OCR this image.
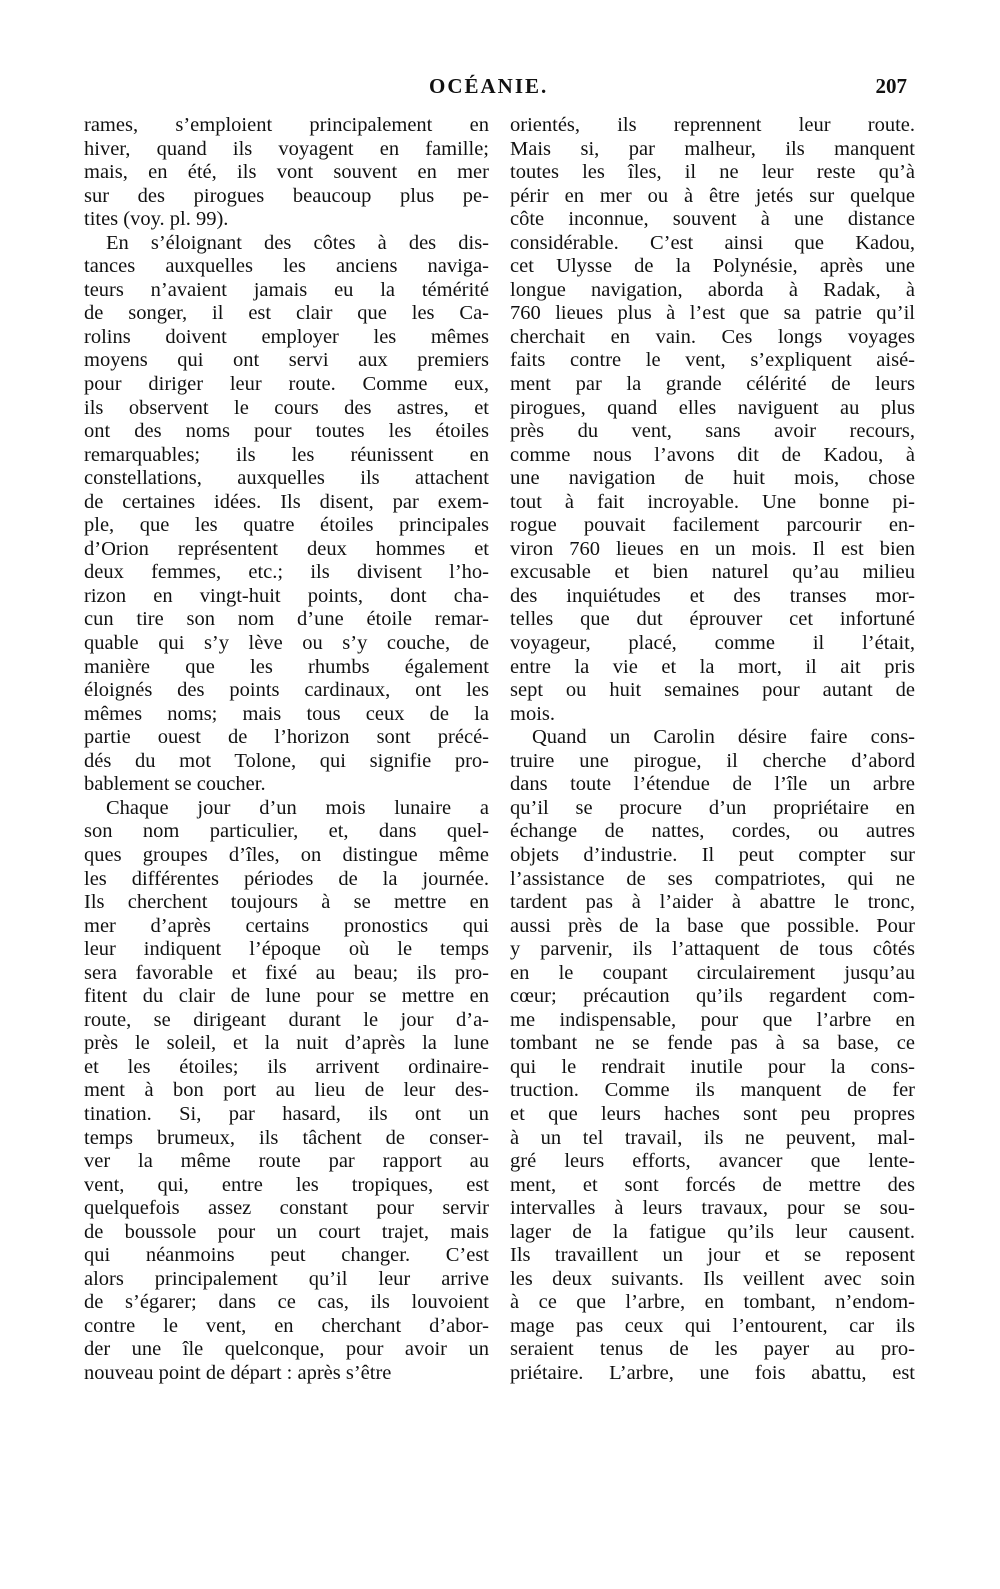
OCÉANIE.	207
rames, s’emploient principalement en
hiver, quand ils voyagent en famille;
mais, en été, ils vont souvent en mer
sur des pirogues beaucoup plus pe-
tites (voy. pl. 99).
En s’éloignant des côtes à des dis-
tances auxquelles les anciens naviga-
teurs n’avaient jamais eu la témérité
de songer, il est clair que les Ca-
rolins doivent employer les mêmes
moyens qui ont servi aux premiers
pour diriger leur route. Comme eux,
ils observent le cours des astres, et
ont des noms pour toutes les étoiles
remarquables; ils les réunissent en
constellations, auxquelles ils attachent
de certaines idées. Ils disent, par exem-
ple, que les quatre étoiles principales
d’Orion représentent deux hommes et
deux femmes, etc.; ils divisent l’ho-
rizon en vingt-huit points, dont cha-
cun tire son nom d’une étoile remar-
quable qui s’y lève ou s’y couche, de
manière que les rhumbs également
éloignés des points cardinaux, ont les
mêmes noms; mais tous ceux de la
partie ouest de l’horizon sont précé-
dés du mot Tolone, qui signifie pro-
bablement se coucher.
Chaque jour d’un mois lunaire a
son nom particulier, et, dans quel-
ques groupes d’îles, on distingue même
les différentes périodes de la journée.
Ils cherchent toujours à se mettre en
mer d’après certains pronostics qui
leur indiquent l’époque où le temps
sera favorable et fixé au beau; ils pro-
fitent du clair de lune pour se mettre en
route, se dirigeant durant le jour d’a-
près le soleil, et la nuit d’après la lune
et les étoiles; ils arrivent ordinaire-
ment à bon port au lieu de leur des-
tination. Si, par hasard, ils ont un
temps brumeux, ils tâchent de conser-
ver la même route par rapport au
vent, qui, entre les tropiques, est
quelquefois assez constant pour servir
de boussole pour un court trajet, mais
qui néanmoins peut changer. C’est
alors principalement qu’il leur arrive
de s’égarer; dans ce cas, ils louvoient
contre le vent, en cherchant d’abor-
der une île quelconque, pour avoir un
nouveau point de départ : après s’être
orientés, ils reprennent leur route.
Mais si, par malheur, ils manquent
toutes les îles, il ne leur reste qu’à
périr en mer ou à être jetés sur quelque
côte inconnue, souvent à une distance
considérable. C’est ainsi que Kadou,
cet Ulysse de la Polynésie, après une
longue navigation, aborda à Radak, à
760 lieues plus à l’est que sa patrie qu’il
cherchait en vain. Ces longs voyages
faits contre le vent, s’expliquent aisé-
ment par la grande célérité de leurs
pirogues, quand elles naviguent au plus
près du vent, sans avoir recours,
comme nous l’avons dit de Kadou, à
une navigation de huit mois, chose
tout à fait incroyable. Une bonne pi-
rogue pouvait facilement parcourir en-
viron 760 lieues en un mois. Il est bien
excusable et bien naturel qu’au milieu
des inquiétudes et des transes mor-
telles que dut éprouver cet infortuné
voyageur, placé, comme il l’était,
entre la vie et la mort, il ait pris
sept ou huit semaines pour autant de
mois.
Quand un Carolin désire faire cons-
truire une pirogue, il cherche d’abord
dans toute l’étendue de l’île un arbre
qu’il se procure d’un propriétaire en
échange de nattes, cordes, ou autres
objets d’industrie. Il peut compter sur
l’assistance de ses compatriotes, qui ne
tardent pas à l’aider à abattre le tronc,
aussi près de la base que possible. Pour
y parvenir, ils l’attaquent de tous côtés
en le coupant circulairement jusqu’au
cœur; précaution qu’ils regardent com-
me indispensable, pour que l’arbre en
tombant ne se fende pas à sa base, ce
qui le rendrait inutile pour la cons-
truction. Comme ils manquent de fer
et que leurs haches sont peu propres
à un tel travail, ils ne peuvent, mal-
gré leurs efforts, avancer que lente-
ment, et sont forcés de mettre des
intervalles à leurs travaux, pour se sou-
lager de la fatigue qu’ils leur causent.
Ils travaillent un jour et se reposent
les deux suivants. Ils veillent avec soin
à ce que l’arbre, en tombant, n’endom-
mage pas ceux qui l’entourent, car ils
seraient tenus de les payer au pro-
priétaire. L’arbre, une fois abattu, est
